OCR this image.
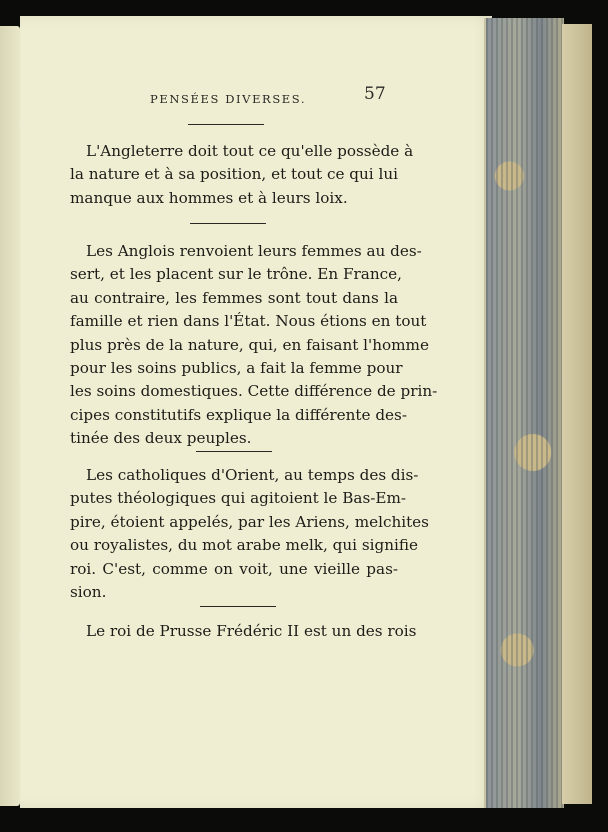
PENSÉES DIVERSES.	57
L'Angleterre doit tout ce qu'elle possède à
la nature et à sa position, et tout ce qui lui
manque aux hommes et à leurs loix.
Les Anglois renvoient leurs femmes au des-
sert, et les placent sur le trône. En France,
au contraire, les femmes sont tout dans la
famille et rien dans l'État. Nous étions en tout
plus près de la nature, qui, en faisant l'homme
pour les soins publics, a fait la femme pour
les soins domestiques. Cette différence de prin-
cipes constitutifs explique la différente des-
tinée des deux peuples.
Les catholiques d'Orient, au temps des dis-
putes théologiques qui agitoient le Bas-Em-
pire, étoient appelés, par les Ariens, melchites
ou royalistes, du mot arabe melk, qui signifie
roi. C'est, comme on voit, une vieille pas-
sion.
Le roi de Prusse Frédéric II est un des rois
